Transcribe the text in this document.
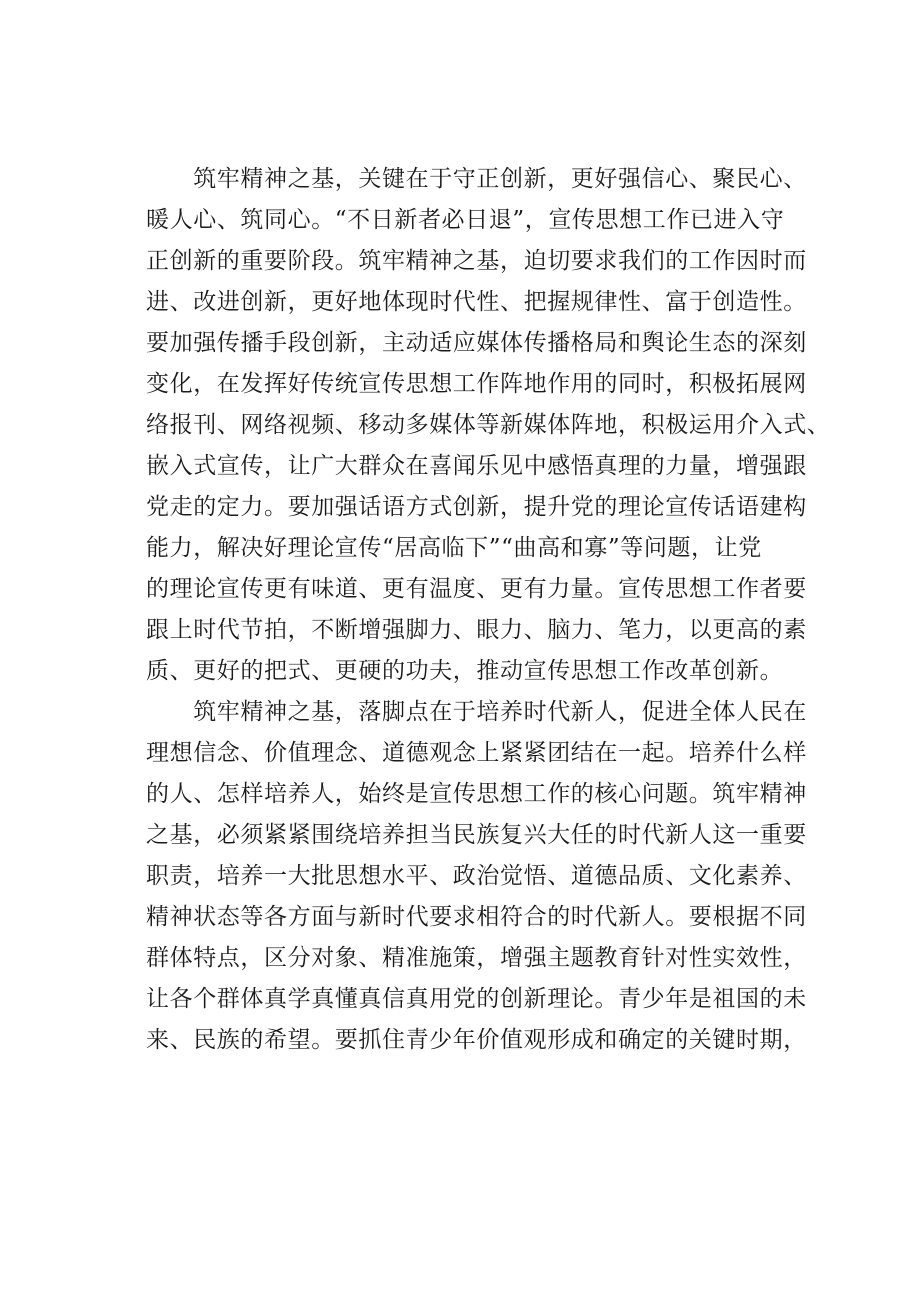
　　筑牢精神之基，关键在于守正创新，更好强信心、聚民心、
暖人心、筑同心。“不日新者必日退”，宣传思想工作已进入守
正创新的重要阶段。筑牢精神之基，迫切要求我们的工作因时而
进、改进创新，更好地体现时代性、把握规律性、富于创造性。
要加强传播手段创新，主动适应媒体传播格局和舆论生态的深刻
变化，在发挥好传统宣传思想工作阵地作用的同时，积极拓展网
络报刊、网络视频、移动多媒体等新媒体阵地，积极运用介入式、
嵌入式宣传，让广大群众在喜闻乐见中感悟真理的力量，增强跟
党走的定力。要加强话语方式创新，提升党的理论宣传话语建构
能力，解决好理论宣传“居高临下”“曲高和寡”等问题，让党
的理论宣传更有味道、更有温度、更有力量。宣传思想工作者要
跟上时代节拍，不断增强脚力、眼力、脑力、笔力，以更高的素
质、更好的把式、更硬的功夫，推动宣传思想工作改革创新。
　　筑牢精神之基，落脚点在于培养时代新人，促进全体人民在
理想信念、价值理念、道德观念上紧紧团结在一起。培养什么样
的人、怎样培养人，始终是宣传思想工作的核心问题。筑牢精神
之基，必须紧紧围绕培养担当民族复兴大任的时代新人这一重要
职责，培养一大批思想水平、政治觉悟、道德品质、文化素养、
精神状态等各方面与新时代要求相符合的时代新人。要根据不同
群体特点，区分对象、精准施策，增强主题教育针对性实效性，
让各个群体真学真懂真信真用党的创新理论。青少年是祖国的未
来、民族的希望。要抓住青少年价值观形成和确定的关键时期，
